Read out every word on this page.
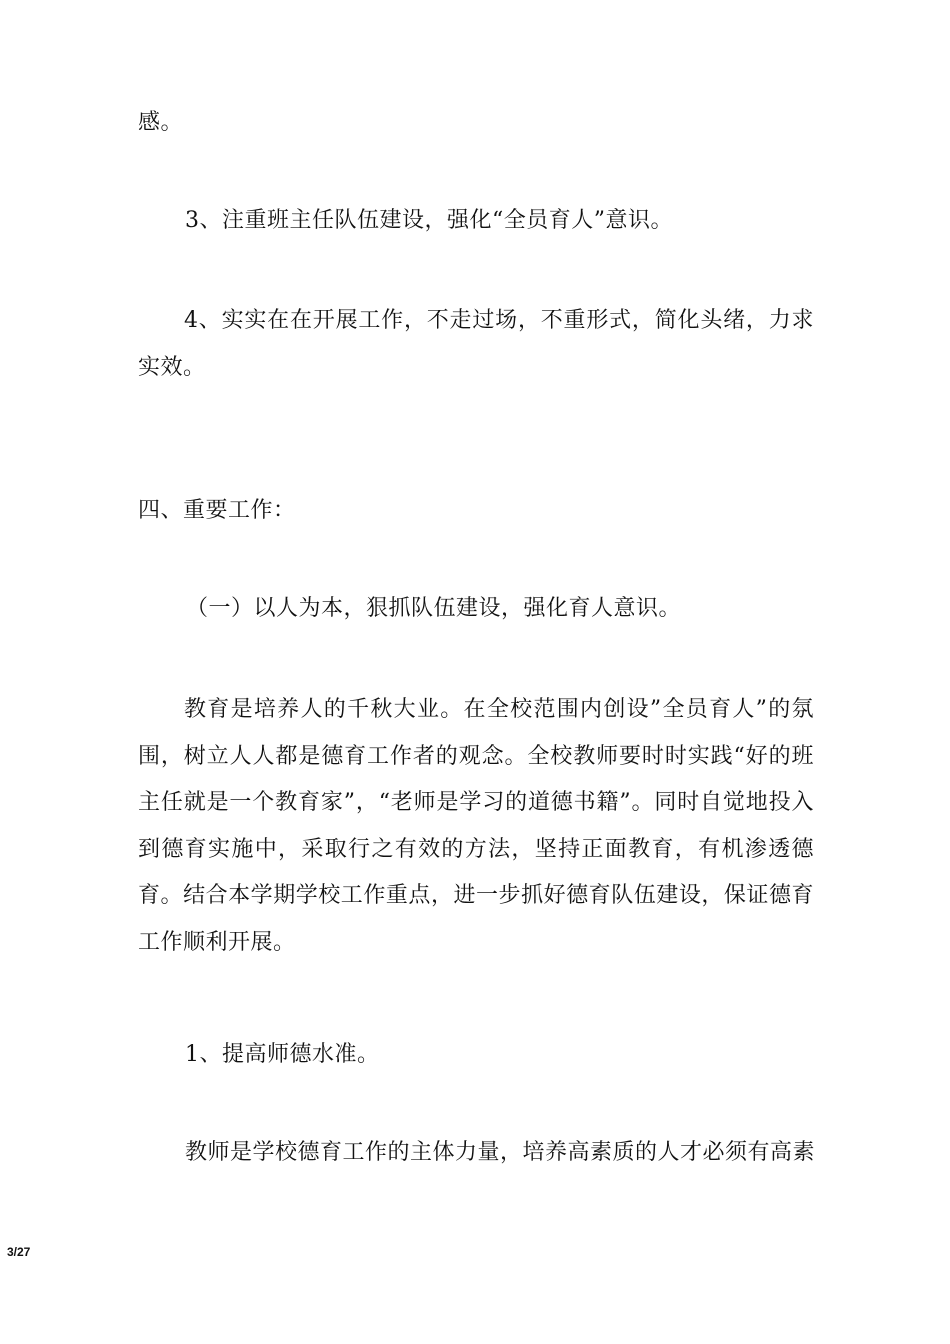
感。
3、注重班主任队伍建设，强化“全员育人”意识。
4、实实在在开展工作，不走过场，不重形式，简化头绪，力求实效。
四、重要工作：
（一）以人为本，狠抓队伍建设，强化育人意识。
教育是培养人的千秋大业。在全校范围内创设”全员育人”的氛围，树立人人都是德育工作者的观念。全校教师要时时实践“好的班主任就是一个教育家”，“老师是学习的道德书籍”。同时自觉地投入到德育实施中，采取行之有效的方法，坚持正面教育，有机渗透德育。结合本学期学校工作重点，进一步抓好德育队伍建设，保证德育工作顺利开展。
1、提高师德水准。
教师是学校德育工作的主体力量，培养高素质的人才必须有高素
3/27
